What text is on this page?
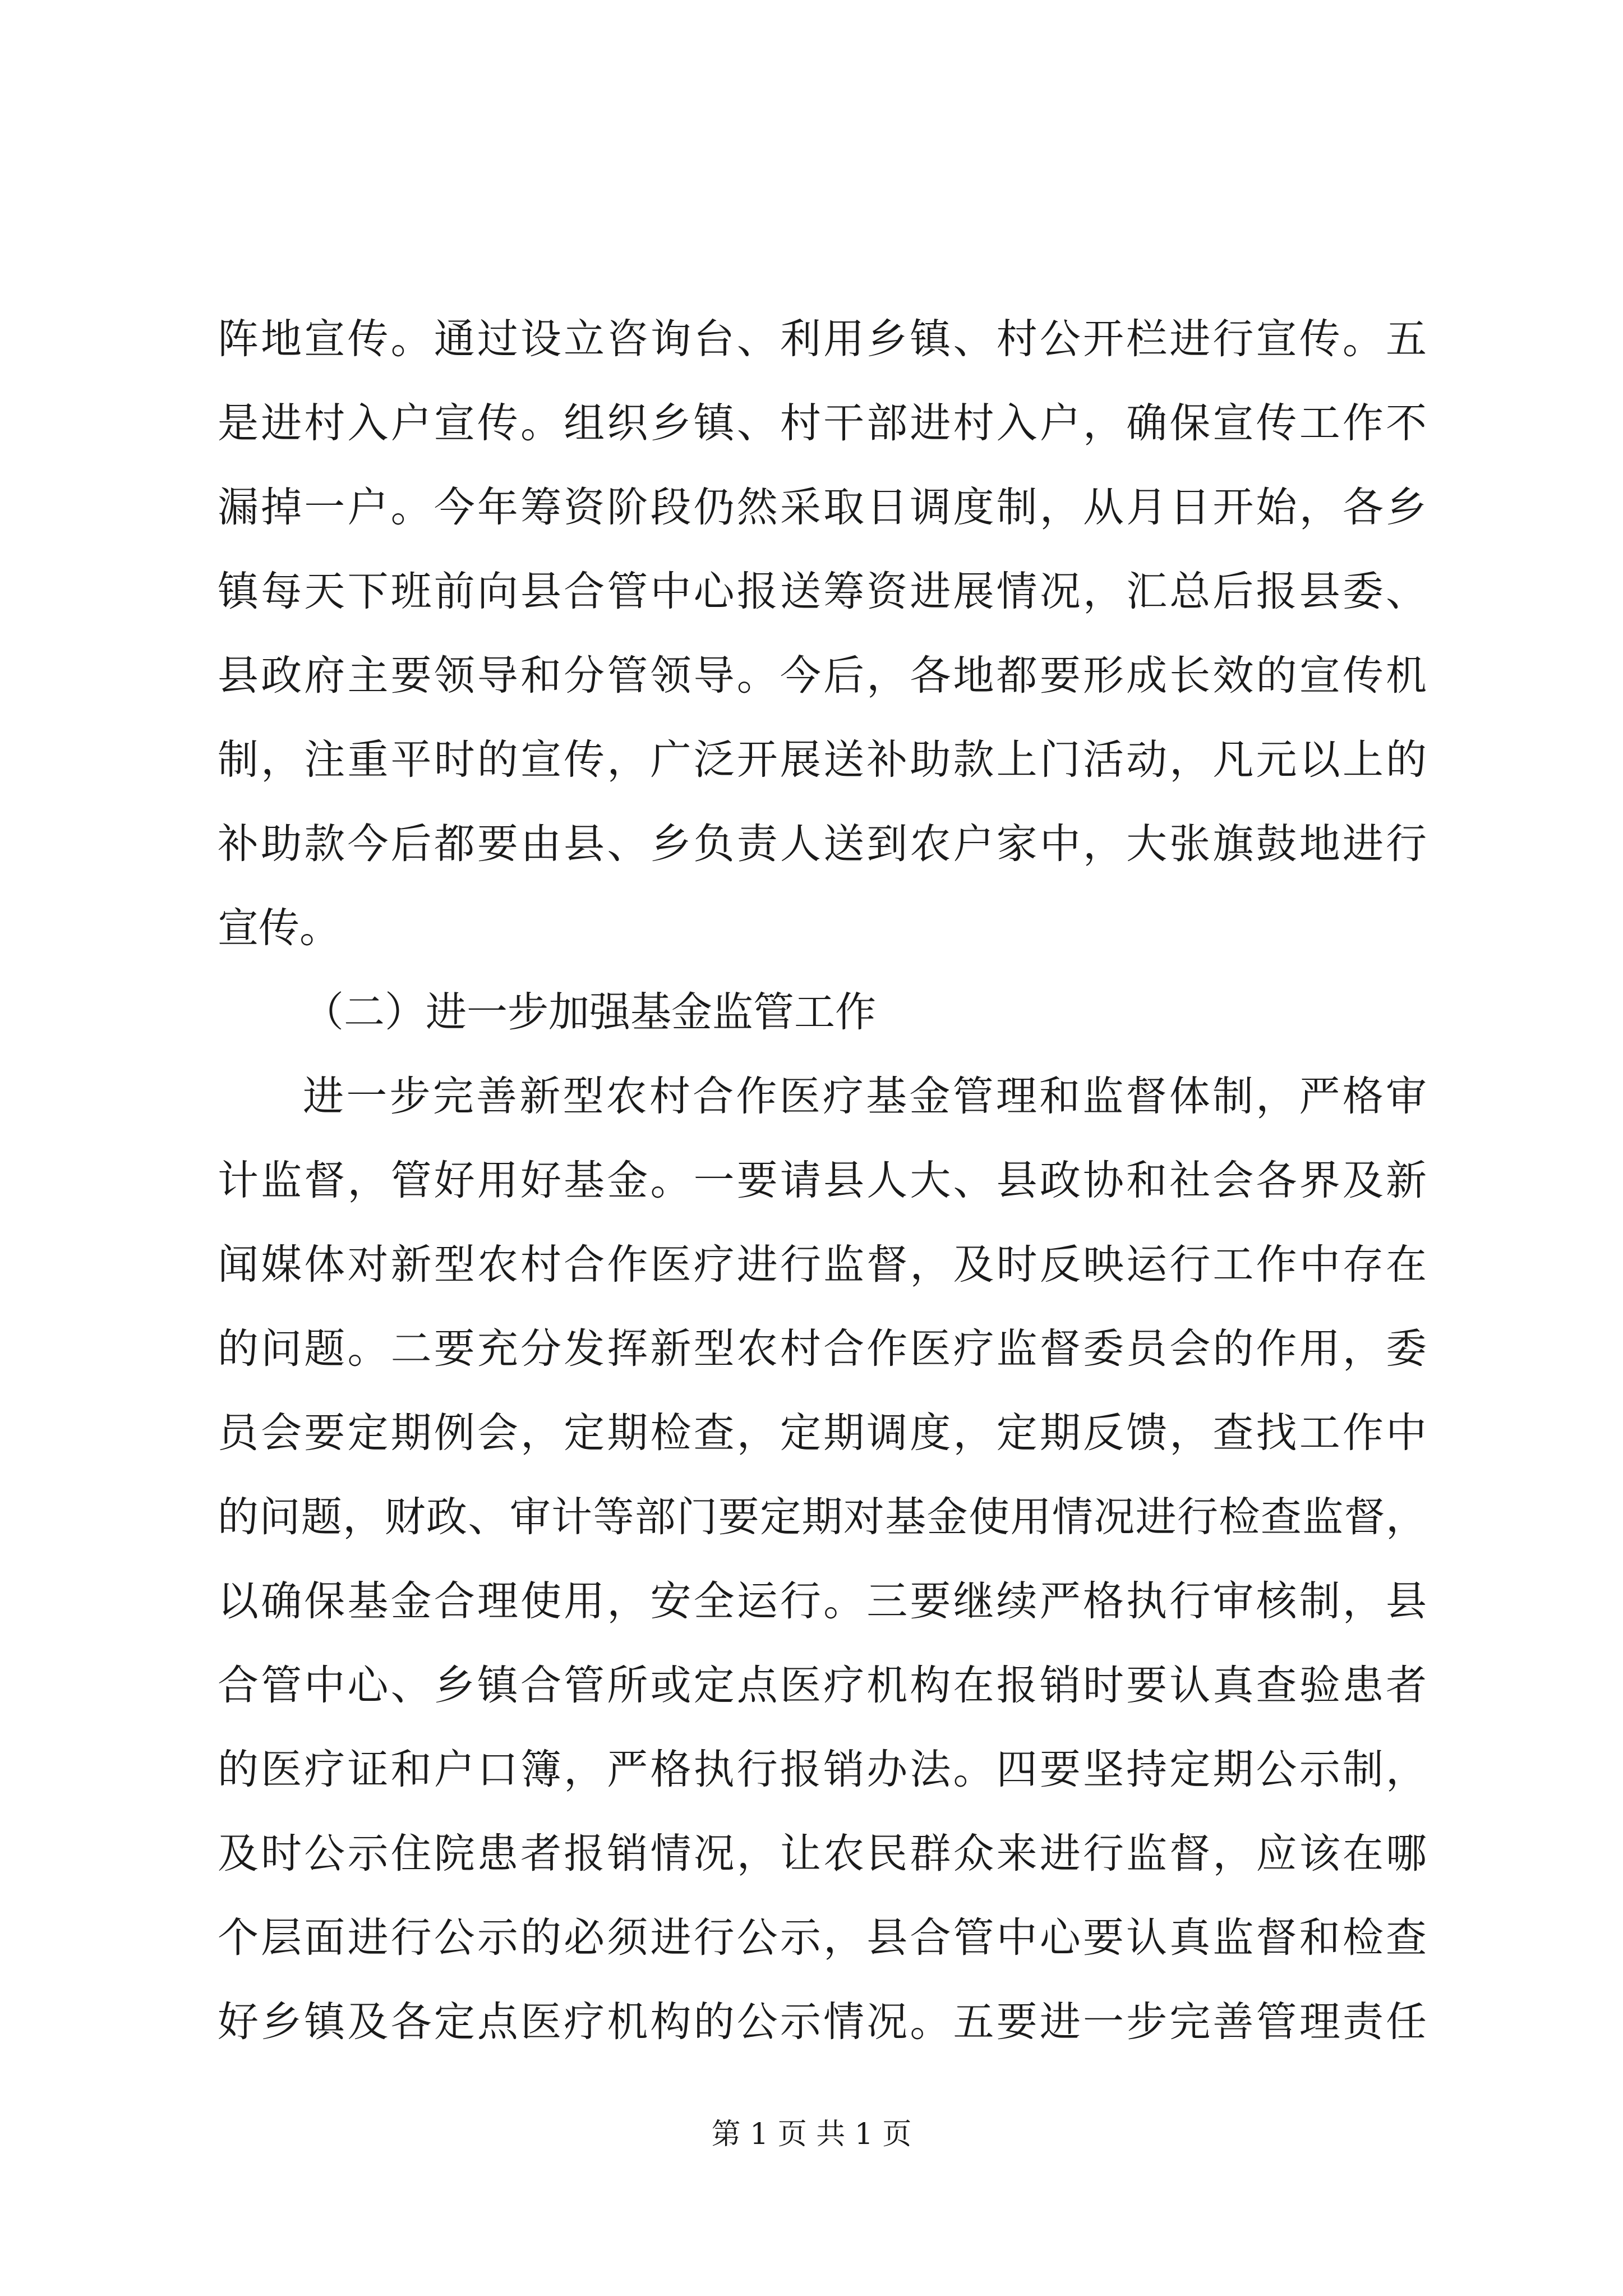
阵地宣传。通过设立咨询台、利用乡镇、村公开栏进行宣传。五
是进村入户宣传。组织乡镇、村干部进村入户，确保宣传工作不
漏掉一户。今年筹资阶段仍然采取日调度制，从月日开始，各乡
镇每天下班前向县合管中心报送筹资进展情况，汇总后报县委、
县政府主要领导和分管领导。今后，各地都要形成长效的宣传机
制，注重平时的宣传，广泛开展送补助款上门活动，凡元以上的
补助款今后都要由县、乡负责人送到农户家中，大张旗鼓地进行
宣传。
（二）进一步加强基金监管工作
进一步完善新型农村合作医疗基金管理和监督体制，严格审
计监督，管好用好基金。一要请县人大、县政协和社会各界及新
闻媒体对新型农村合作医疗进行监督，及时反映运行工作中存在
的问题。二要充分发挥新型农村合作医疗监督委员会的作用，委
员会要定期例会，定期检查，定期调度，定期反馈，查找工作中
的问题，财政、审计等部门要定期对基金使用情况进行检查监督，
以确保基金合理使用，安全运行。三要继续严格执行审核制，县
合管中心、乡镇合管所或定点医疗机构在报销时要认真查验患者
的医疗证和户口簿，严格执行报销办法。四要坚持定期公示制，
及时公示住院患者报销情况，让农民群众来进行监督，应该在哪
个层面进行公示的必须进行公示，县合管中心要认真监督和检查
好乡镇及各定点医疗机构的公示情况。五要进一步完善管理责任
第 1 页 共 1 页
